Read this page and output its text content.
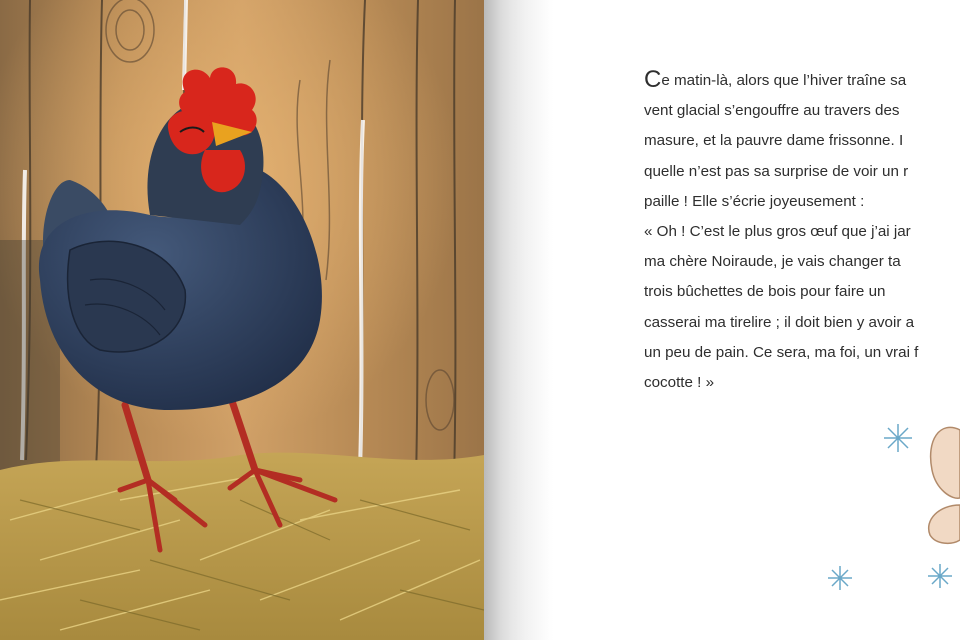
Ce matin-là, alors que l’hiver traîne sa
vent glacial s’engouffre au travers des
masure, et la pauvre dame frissonne. I
quelle n’est pas sa surprise de voir un r
paille ! Elle s’écrie joyeusement :
« Oh ! C’est le plus gros œuf que j’ai jar
ma chère Noiraude, je vais changer ta
trois bûchettes de bois pour faire un
casserai ma tirelire ; il doit bien y avoir a
un peu de pain. Ce sera, ma foi, un vrai f
cocotte ! »
